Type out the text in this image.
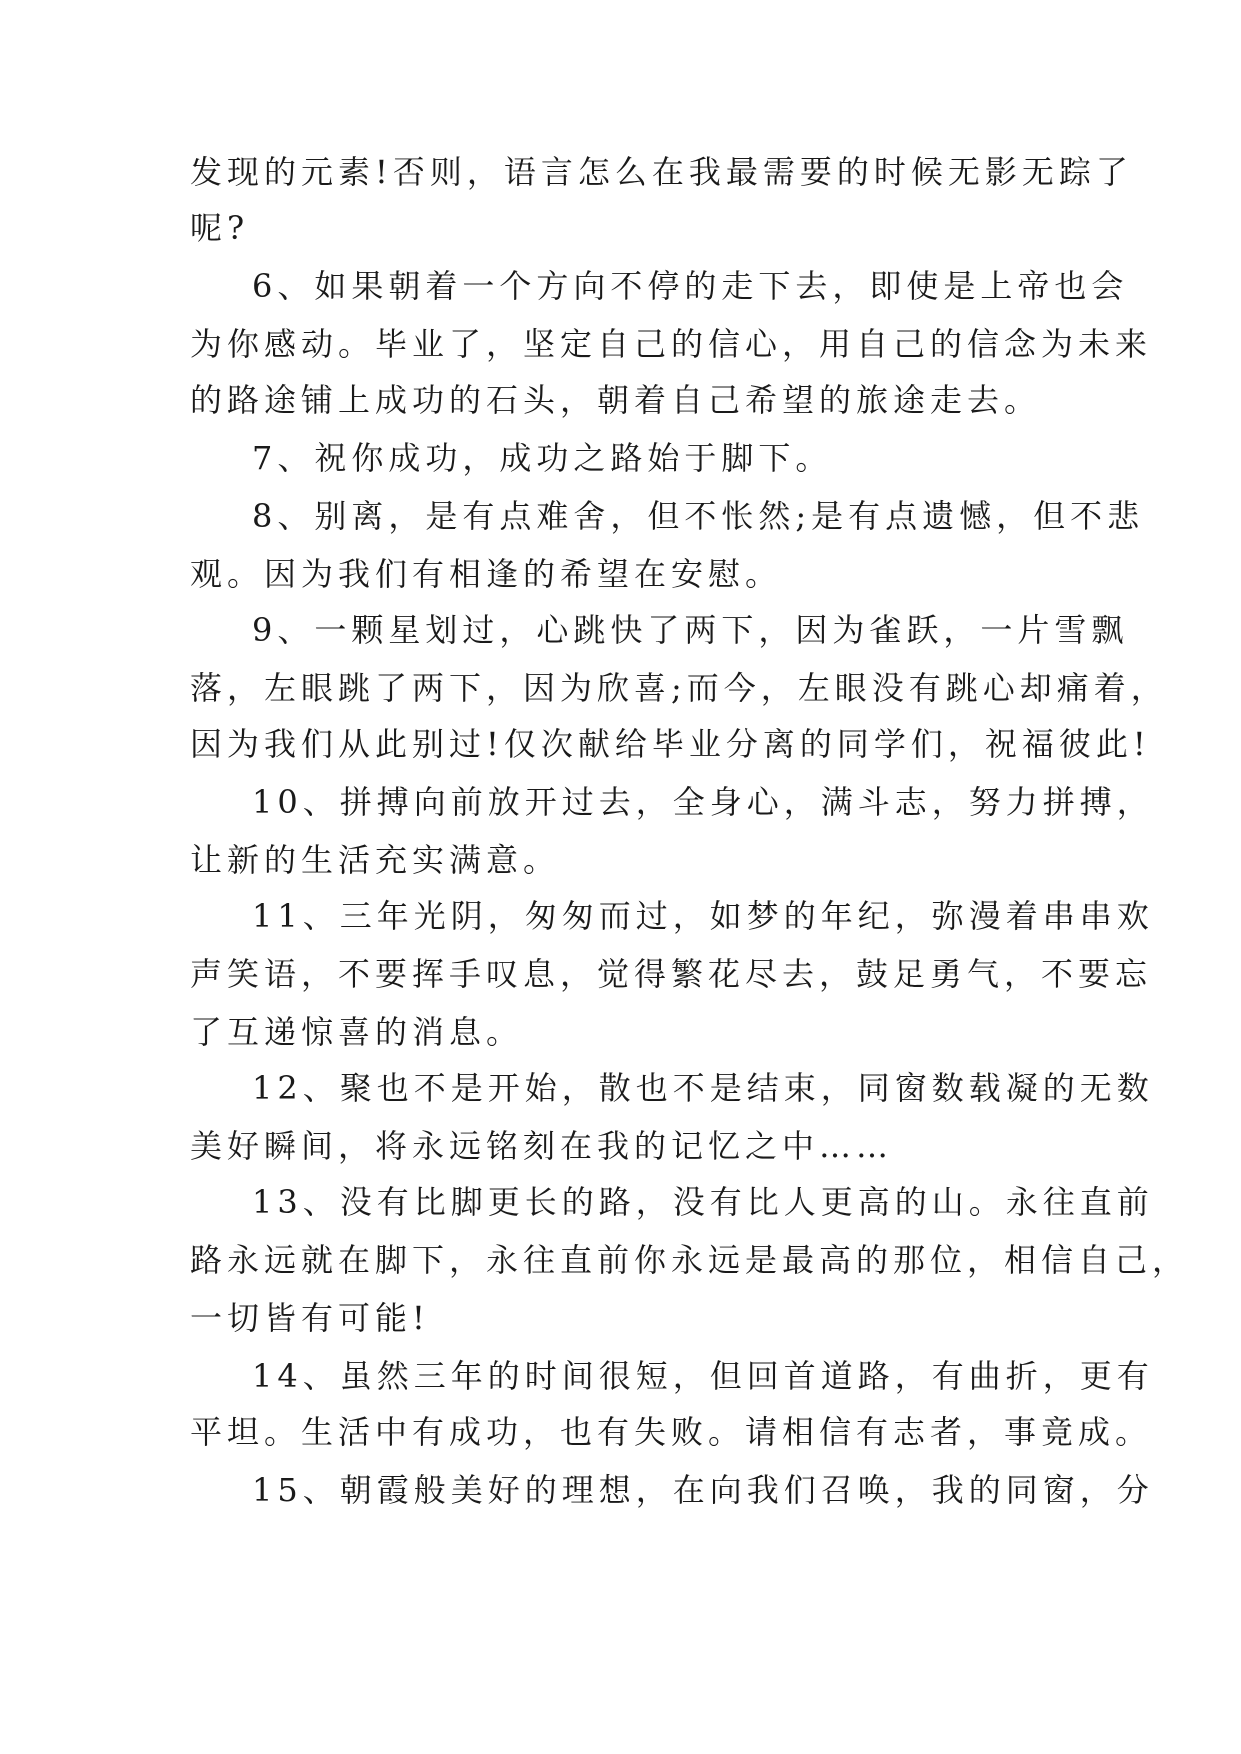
发现的元素!否则，语言怎么在我最需要的时候无影无踪了
呢?
6、如果朝着一个方向不停的走下去，即使是上帝也会
为你感动。毕业了，坚定自己的信心，用自己的信念为未来
的路途铺上成功的石头，朝着自己希望的旅途走去。
7、祝你成功，成功之路始于脚下。
8、别离，是有点难舍，但不怅然;是有点遗憾，但不悲
观。因为我们有相逢的希望在安慰。
9、一颗星划过，心跳快了两下，因为雀跃，一片雪飘
落，左眼跳了两下，因为欣喜;而今，左眼没有跳心却痛着，
因为我们从此别过!仅次献给毕业分离的同学们，祝福彼此!
10、拼搏向前放开过去，全身心，满斗志，努力拼搏，
让新的生活充实满意。
11、三年光阴，匆匆而过，如梦的年纪，弥漫着串串欢
声笑语，不要挥手叹息，觉得繁花尽去，鼓足勇气，不要忘
了互递惊喜的消息。
12、聚也不是开始，散也不是结束，同窗数载凝的无数
美好瞬间，将永远铭刻在我的记忆之中……
13、没有比脚更长的路，没有比人更高的山。永往直前
路永远就在脚下，永往直前你永远是最高的那位，相信自己，
一切皆有可能!
14、虽然三年的时间很短，但回首道路，有曲折，更有
平坦。生活中有成功，也有失败。请相信有志者，事竟成。
15、朝霞般美好的理想，在向我们召唤，我的同窗，分
